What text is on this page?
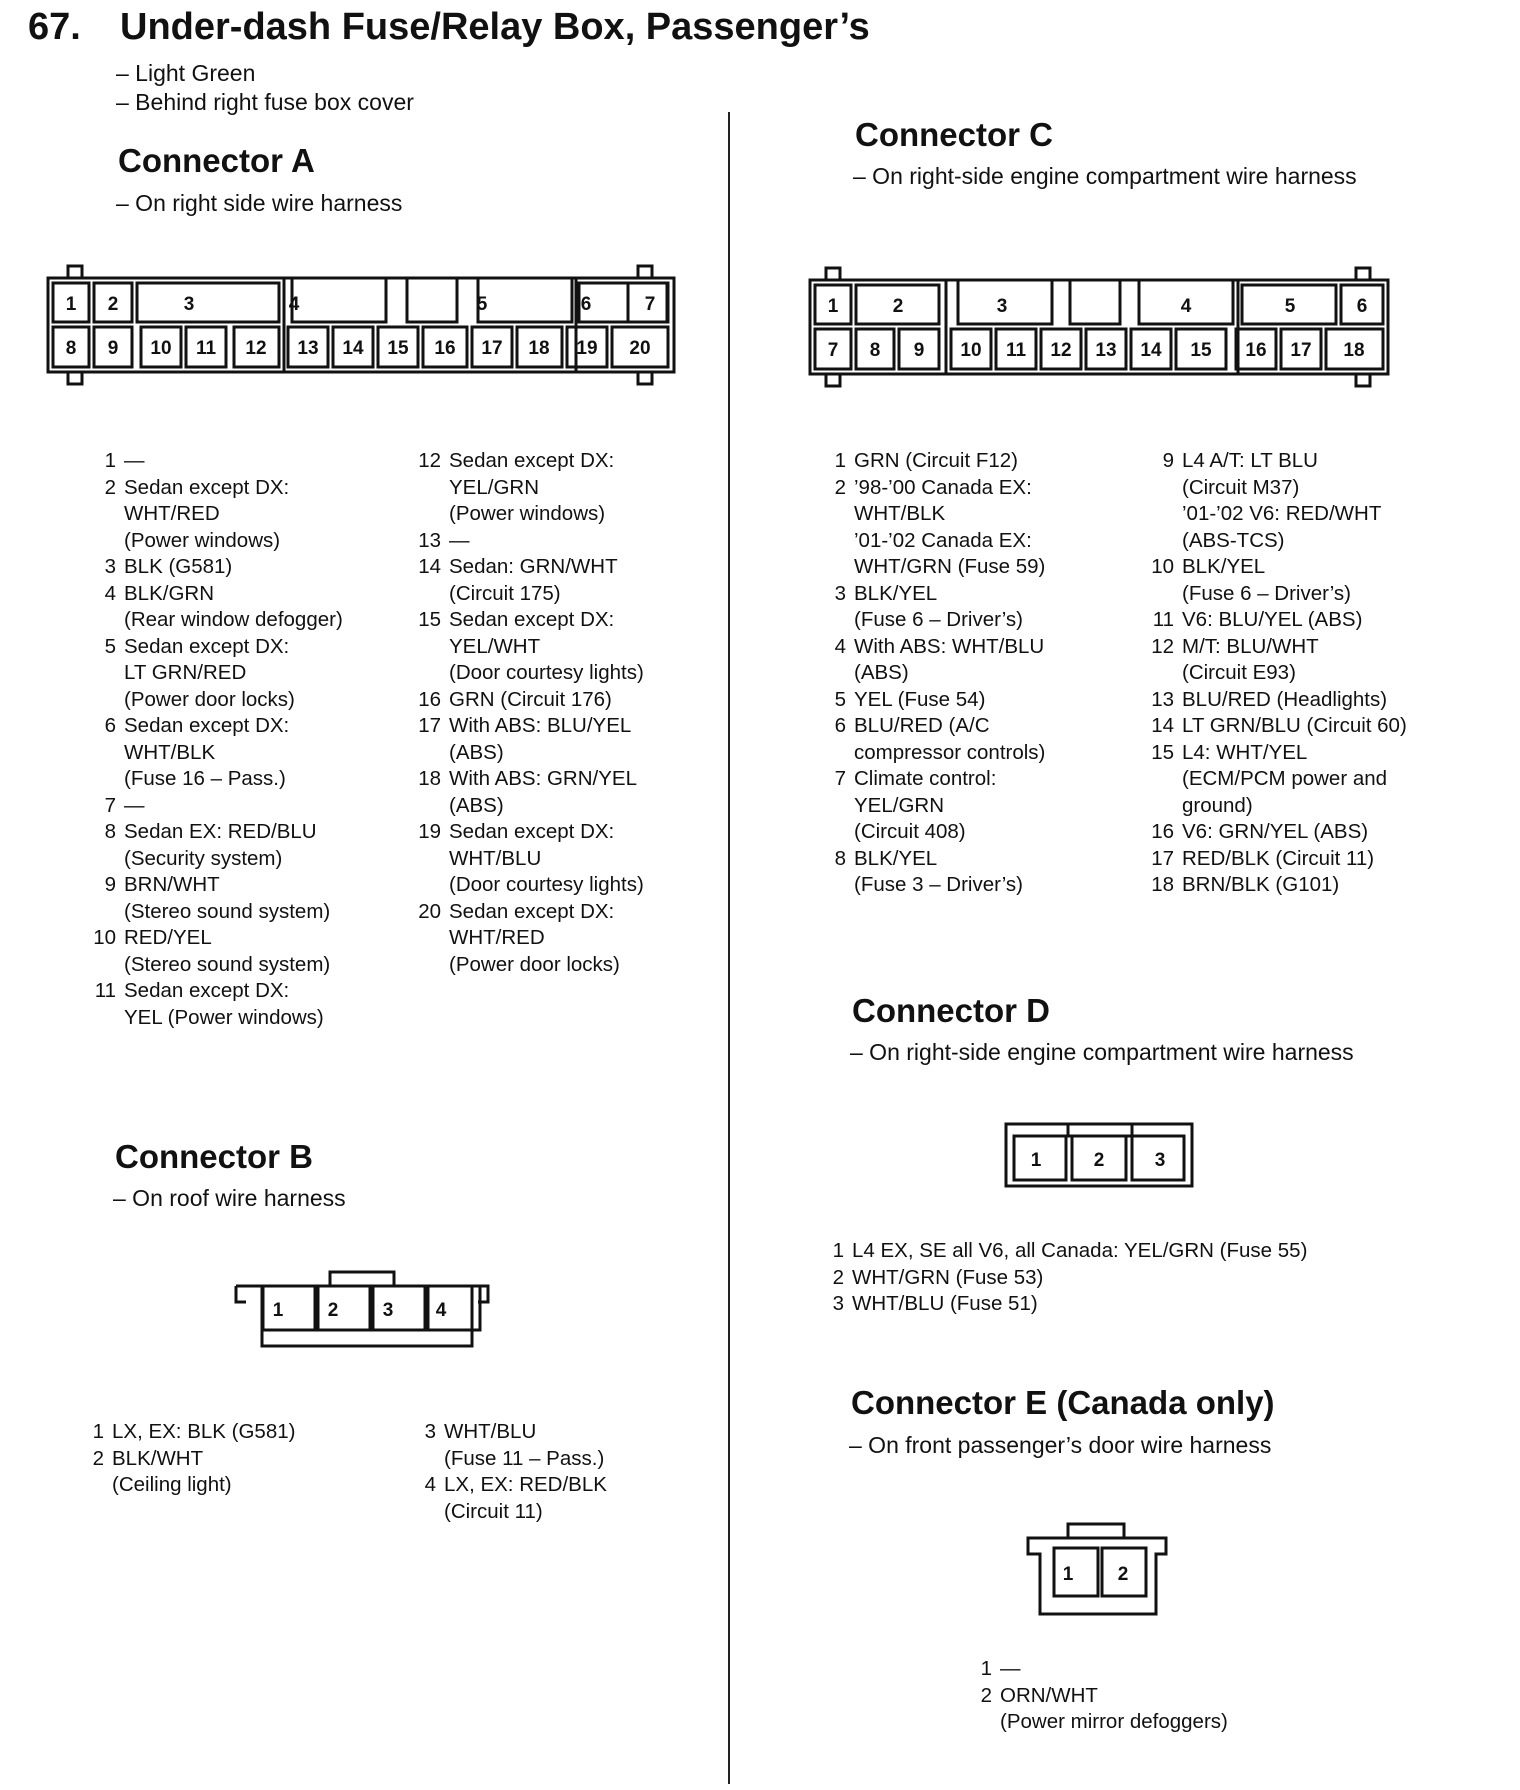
67. Under-dash Fuse/Relay Box, Passenger’s
– Light Green
– Behind right fuse box cover
Connector A
– On right side wire harness
1 2	3	4	5	6	7
8 9 10 11 12 13 14 15 16 17 18 19 20
1 —
2 Sedan except DX:
WHT/RED
(Power windows)
3 BLK (G581)
4 BLK/GRN
(Rear window defogger)
5 Sedan except DX:
LT GRN/RED
(Power door locks)
6 Sedan except DX:
WHT/BLK
(Fuse 16 – Pass.)
7 —
8 Sedan EX: RED/BLU
(Security system)
9 BRN/WHT
(Stereo sound system)
10 RED/YEL
(Stereo sound system)
11 Sedan except DX:
YEL (Power windows)
12 Sedan except DX:
YEL/GRN
(Power windows)
13 —
14 Sedan: GRN/WHT
(Circuit 175)
15 Sedan except DX:
YEL/WHT
(Door courtesy lights)
16 GRN (Circuit 176)
17 With ABS: BLU/YEL
(ABS)
18 With ABS: GRN/YEL
(ABS)
19 Sedan except DX:
WHT/BLU
(Door courtesy lights)
20 Sedan except DX:
WHT/RED
(Power door locks)
Connector B
– On roof wire harness
1 2 3 4
1 LX, EX: BLK (G581)
2 BLK/WHT
(Ceiling light)
3 WHT/BLU
(Fuse 11 – Pass.)
4 LX, EX: RED/BLK
(Circuit 11)
Connector C
– On right-side engine compartment wire harness
1	2	3	4	5	6
7 8 9 10 11 12 13 14 15 16 17 18
1 GRN (Circuit F12)
2 ’98-’00 Canada EX:
WHT/BLK
’01-’02 Canada EX:
WHT/GRN (Fuse 59)
3 BLK/YEL
(Fuse 6 – Driver’s)
4 With ABS: WHT/BLU
(ABS)
5 YEL (Fuse 54)
6 BLU/RED (A/C
compressor controls)
7 Climate control:
YEL/GRN
(Circuit 408)
8 BLK/YEL
(Fuse 3 – Driver’s)
9 L4 A/T: LT BLU
(Circuit M37)
’01-’02 V6: RED/WHT
(ABS-TCS)
10 BLK/YEL
(Fuse 6 – Driver’s)
11 V6: BLU/YEL (ABS)
12 M/T: BLU/WHT
(Circuit E93)
13 BLU/RED (Headlights)
14 LT GRN/BLU (Circuit 60)
15 L4: WHT/YEL
(ECM/PCM power and
ground)
16 V6: GRN/YEL (ABS)
17 RED/BLK (Circuit 11)
18 BRN/BLK (G101)
Connector D
– On right-side engine compartment wire harness
1	2	3
1 L4 EX, SE all V6, all Canada: YEL/GRN (Fuse 55)
2 WHT/GRN (Fuse 53)
3 WHT/BLU (Fuse 51)
Connector E (Canada only)
– On front passenger’s door wire harness
1 2
1 —
2 ORN/WHT
(Power mirror defoggers)
